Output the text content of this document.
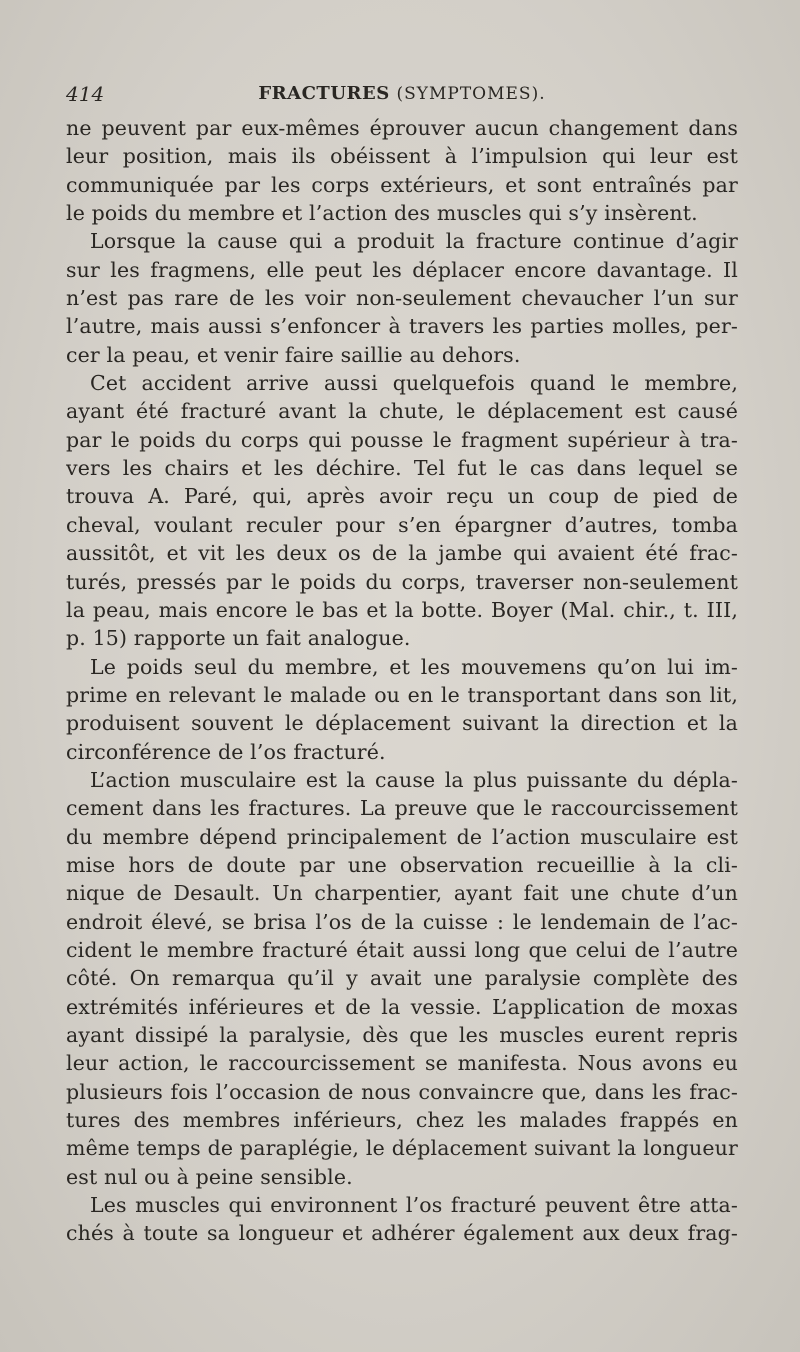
414	FRACTURES (SYMPTOMES).
ne peuvent par eux-mêmes éprouver aucun changement dans
leur position, mais ils obéissent à l’impulsion qui leur est
communiquée par les corps extérieurs, et sont entraînés par
le poids du membre et l’action des muscles qui s’y insèrent.
Lorsque la cause qui a produit la fracture continue d’agir
sur les fragmens, elle peut les déplacer encore davantage. Il
n’est pas rare de les voir non-seulement chevaucher l’un sur
l’autre, mais aussi s’enfoncer à travers les parties molles, per-
cer la peau, et venir faire saillie au dehors.
Cet accident arrive aussi quelquefois quand le membre,
ayant été fracturé avant la chute, le déplacement est causé
par le poids du corps qui pousse le fragment supérieur à tra-
vers les chairs et les déchire. Tel fut le cas dans lequel se
trouva A. Paré, qui, après avoir reçu un coup de pied de
cheval, voulant reculer pour s’en épargner d’autres, tomba
aussitôt, et vit les deux os de la jambe qui avaient été frac-
turés, pressés par le poids du corps, traverser non-seulement
la peau, mais encore le bas et la botte. Boyer (Mal. chir., t. III,
p. 15) rapporte un fait analogue.
Le poids seul du membre, et les mouvemens qu’on lui im-
prime en relevant le malade ou en le transportant dans son lit,
produisent souvent le déplacement suivant la direction et la
circonférence de l’os fracturé.
L’action musculaire est la cause la plus puissante du dépla-
cement dans les fractures. La preuve que le raccourcissement
du membre dépend principalement de l’action musculaire est
mise hors de doute par une observation recueillie à la cli-
nique de Desault. Un charpentier, ayant fait une chute d’un
endroit élevé, se brisa l’os de la cuisse : le lendemain de l’ac-
cident le membre fracturé était aussi long que celui de l’autre
côté. On remarqua qu’il y avait une paralysie complète des
extrémités inférieures et de la vessie. L’application de moxas
ayant dissipé la paralysie, dès que les muscles eurent repris
leur action, le raccourcissement se manifesta. Nous avons eu
plusieurs fois l’occasion de nous convaincre que, dans les frac-
tures des membres inférieurs, chez les malades frappés en
même temps de paraplégie, le déplacement suivant la longueur
est nul ou à peine sensible.
Les muscles qui environnent l’os fracturé peuvent être atta-
chés à toute sa longueur et adhérer également aux deux frag-
